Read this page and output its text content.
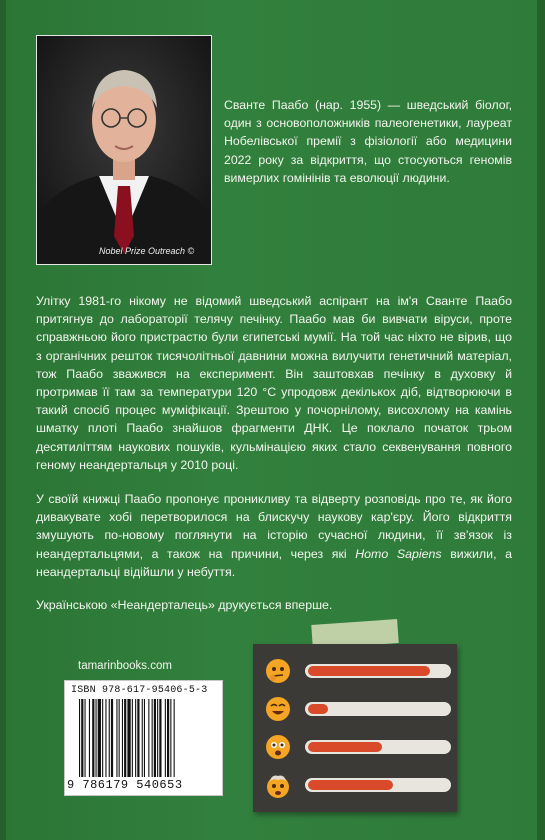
Nobel Prize Outreach ©
Сванте Паабо (нар. 1955) — шведський біолог, один з основоположників палеогенетики, лауреат Нобелівської премії з фізіології або медицини 2022 року за відкриття, що стосуються геномів вимерлих гомінінів та еволюції людини.
Улітку 1981-го нікому не відомий шведський аспірант на ім'я Сванте Паабо притягнув до лабораторії телячу печінку. Паабо мав би вивчати віруси, проте справжньою його пристрастю були єгипетські мумії. На той час ніхто не вірив, що з органічних решток тисячолітньої давнини можна вилучити генетичний матеріал, тож Паабо зважився на експеримент. Він заштовхав печінку в духовку й протримав її там за температури 120 °C упродовж декількох діб, відтворюючи в такий спосіб процес муміфікації. Зрештою у почорнілому, висохлому на камінь шматку плоті Паабо знайшов фрагменти ДНК. Це поклало початок трьом десятиліттям наукових пошуків, кульмінацією яких стало секвенування повного геному неандертальця у 2010 році.
У своїй книжці Паабо пропонує проникливу та відверту розповідь про те, як його дивакувате хобі перетворилося на блискучу наукову кар'єру. Його відкриття змушують по-новому поглянути на історію сучасної людини, її зв'язок із неандертальцями, а також на причини, через які Homo Sapiens вижили, а неандертальці відійшли у небуття.
Українською «Неандерталець» друкується вперше.
tamarinbooks.com
ISBN 978-617-95406-5-3
9 786179 540653
